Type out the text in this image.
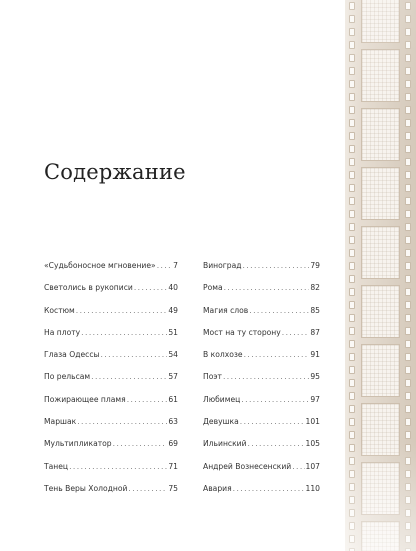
Содержание
«Судьбоносное мгновение» . . . 7
Светолись в рукописи . . .	40
Костюм . . .	49
На плоту . . .	51
Глаза Одессы . . .	54
По рельсам . . .	57
Пожирающее пламя . . .	61
Маршак . . .	63
Мультипликатор . . .	69
Танец . . .	71
Тень Веры Холодной . . .	75
Виноград . . .	79
Рома . . .	82
Магия слов . . .	85
Мост на ту сторону . . .	87
В колхозе . . .	91
Поэт . . .	95
Любимец . . .	97
Девушка . . .	101
Ильинский . . .	105
Андрей Вознесенский . . . 107
Авария . . .	110
